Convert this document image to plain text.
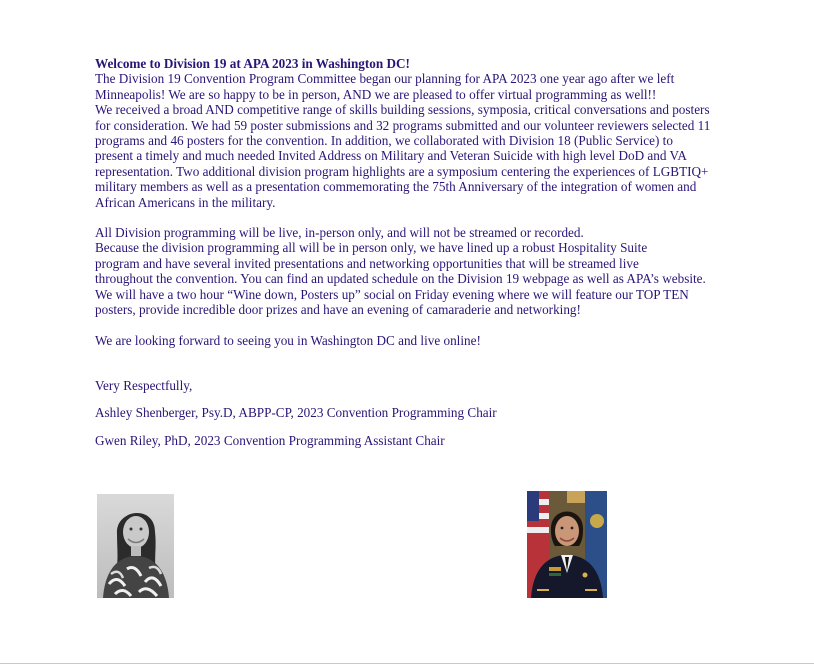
Welcome to Division 19 at APA 2023 in Washington DC!

The Division 19 Convention Program Committee began our planning for APA 2023 one year ago after we left
Minneapolis! We are so happy to be in person, AND we are pleased to offer virtual programming as well!!
We received a broad AND competitive range of skills building sessions, symposia, critical conversations and posters
for consideration. We had 59 poster submissions and 32 programs submitted and our volunteer reviewers selected 11
programs and 46 posters for the convention. In addition, we collaborated with Division 18 (Public Service) to
present a timely and much needed Invited Address on Military and Veteran Suicide with high level DoD and VA
representation. Two additional division program highlights are a symposium centering the experiences of LGBTIQ+
military members as well as a presentation commemorating the 75th Anniversary of the integration of women and
African Americans in the military.

All Division programming will be live, in-person only, and will not be streamed or recorded.
Because the division programming all will be in person only, we have lined up a robust Hospitality Suite
program and have several invited presentations and networking opportunities that will be streamed live
throughout the convention. You can find an updated schedule on the Division 19 webpage as well as APA’s website.
We will have a two hour “Wine down, Posters up” social on Friday evening where we will feature our TOP TEN
posters, provide incredible door prizes and have an evening of camaraderie and networking!

We are looking forward to seeing you in Washington DC and live online!

Very Respectfully,

Ashley Shenberger, Psy.D, ABPP-CP, 2023 Convention Programming Chair

Gwen Riley, PhD, 2023 Convention Programming Assistant Chair
